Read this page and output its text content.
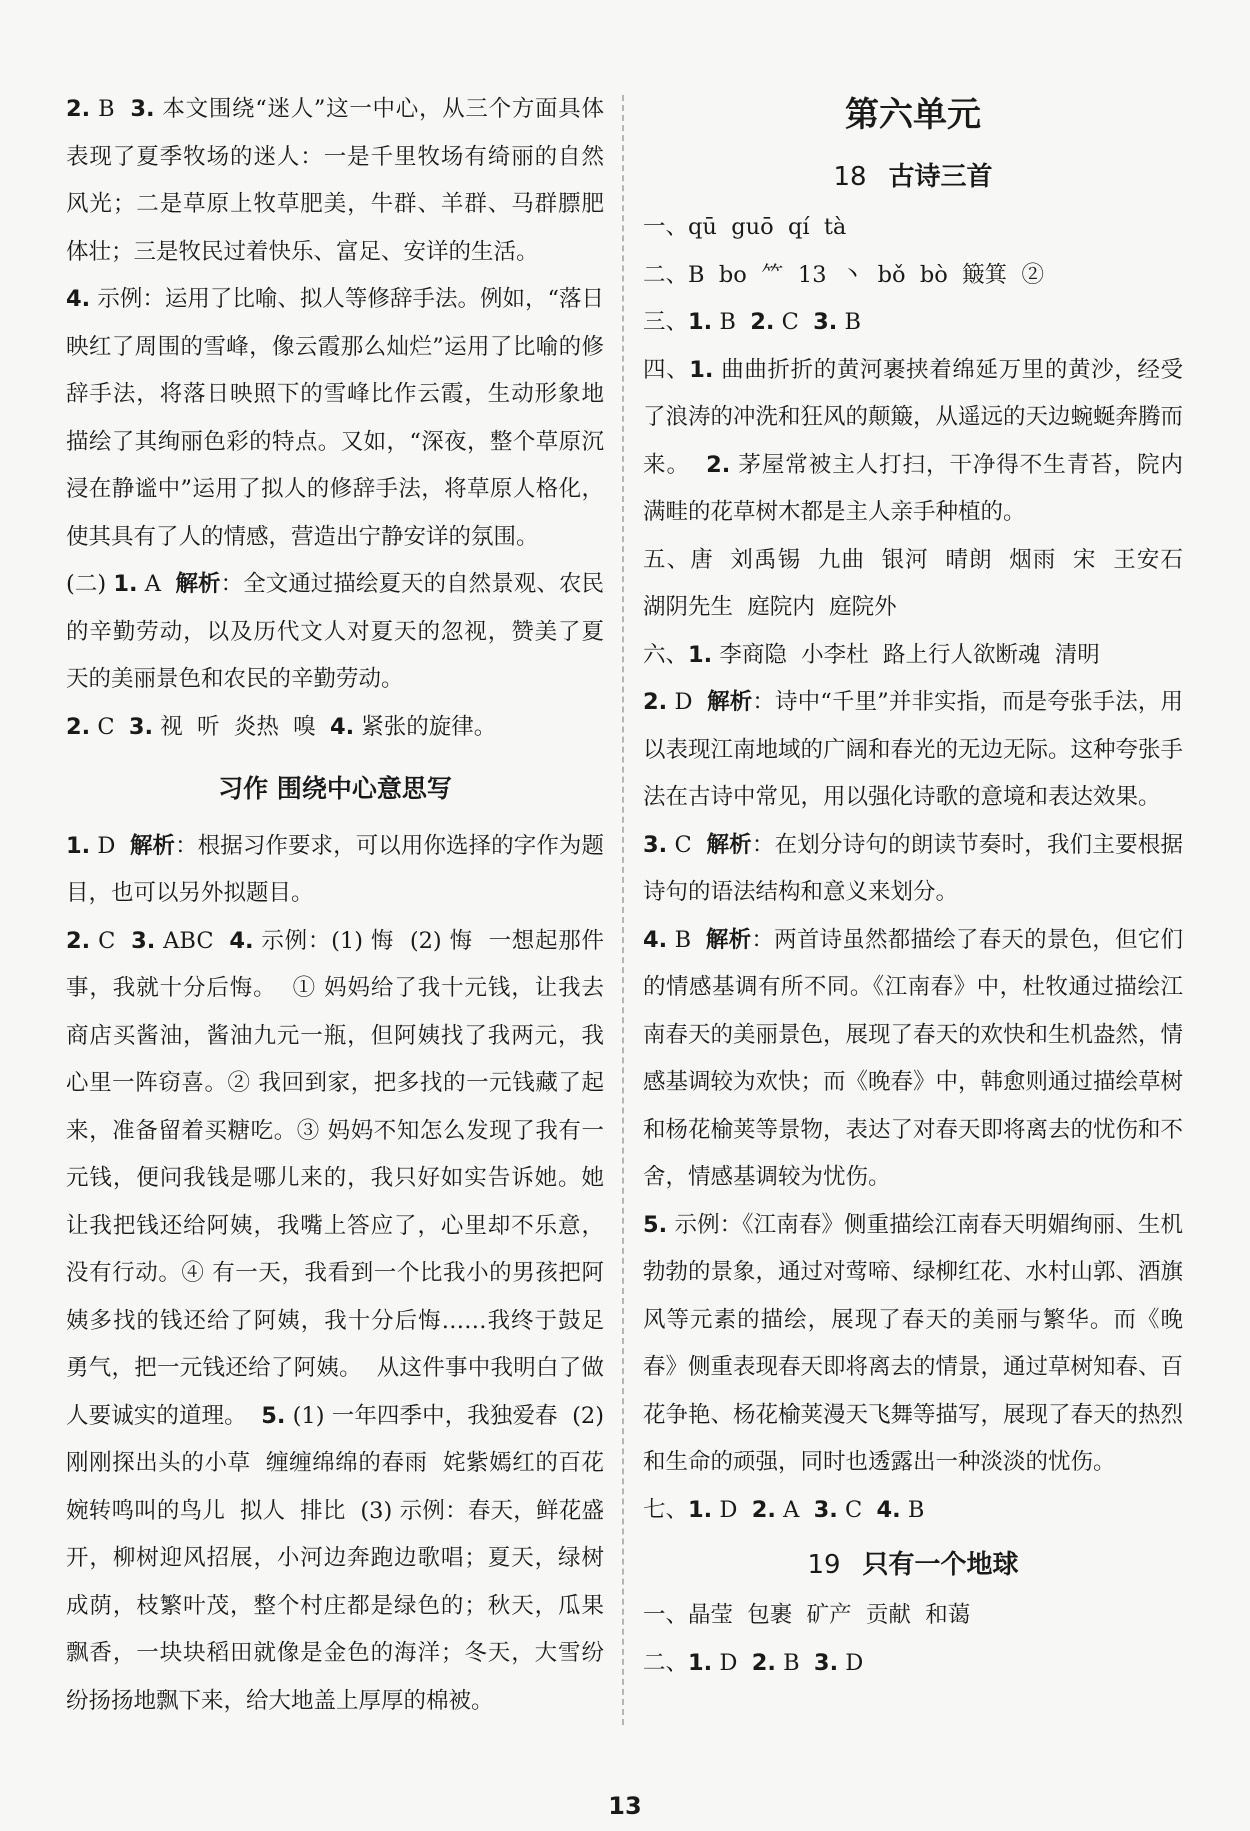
2. B  3. 本文围绕“迷人”这一中心，从三个方面具体表现了夏季牧场的迷人：一是千里牧场有绮丽的自然风光；二是草原上牧草肥美，牛群、羊群、马群膘肥体壮；三是牧民过着快乐、富足、安详的生活。

4. 示例：运用了比喻、拟人等修辞手法。例如，“落日映红了周围的雪峰，像云霞那么灿烂”运用了比喻的修辞手法，将落日映照下的雪峰比作云霞，生动形象地描绘了其绚丽色彩的特点。又如，“深夜，整个草原沉浸在静谧中”运用了拟人的修辞手法，将草原人格化，使其具有了人的情感，营造出宁静安详的氛围。

(二) 1. A  解析：全文通过描绘夏天的自然景观、农民的辛勤劳动，以及历代文人对夏天的忽视，赞美了夏天的美丽景色和农民的辛勤劳动。

2. C  3. 视  听  炎热  嗅  4. 紧张的旋律。

习作 围绕中心意思写

1. D  解析：根据习作要求，可以用你选择的字作为题目，也可以另外拟题目。

2. C  3. ABC  4. 示例：(1) 悔  (2) 悔  一想起那件事，我就十分后悔。  ① 妈妈给了我十元钱，让我去商店买酱油，酱油九元一瓶，但阿姨找了我两元，我心里一阵窃喜。② 我回到家，把多找的一元钱藏了起来，准备留着买糖吃。③ 妈妈不知怎么发现了我有一元钱，便问我钱是哪儿来的，我只好如实告诉她。她让我把钱还给阿姨，我嘴上答应了，心里却不乐意，没有行动。④ 有一天，我看到一个比我小的男孩把阿姨多找的钱还给了阿姨，我十分后悔……我终于鼓足勇气，把一元钱还给了阿姨。  从这件事中我明白了做人要诚实的道理。  5. (1) 一年四季中，我独爱春  (2) 刚刚探出头的小草  缠缠绵绵的春雨  姹紫嫣红的百花  婉转鸣叫的鸟儿  拟人  排比  (3) 示例：春天，鲜花盛开，柳树迎风招展，小河边奔跑边歌唱；夏天，绿树成荫，枝繁叶茂，整个村庄都是绿色的；秋天，瓜果飘香，一块块稻田就像是金色的海洋；冬天，大雪纷纷扬扬地飘下来，给大地盖上厚厚的棉被。

第六单元

18 古诗三首

一、qū  guō  qí  tà

二、B  bo  ⺮  13  丶  bǒ  bò  簸箕  ②

三、1. B  2. C  3. B

四、1. 曲曲折折的黄河裹挟着绵延万里的黄沙，经受了浪涛的冲洗和狂风的颠簸，从遥远的天边蜿蜒奔腾而来。  2. 茅屋常被主人打扫，干净得不生青苔，院内满畦的花草树木都是主人亲手种植的。

五、唐  刘禹锡  九曲  银河  晴朗  烟雨  宋  王安石  湖阴先生  庭院内  庭院外

六、1. 李商隐  小李杜  路上行人欲断魂  清明

2. D  解析：诗中“千里”并非实指，而是夸张手法，用以表现江南地域的广阔和春光的无边无际。这种夸张手法在古诗中常见，用以强化诗歌的意境和表达效果。

3. C  解析：在划分诗句的朗读节奏时，我们主要根据诗句的语法结构和意义来划分。

4. B  解析：两首诗虽然都描绘了春天的景色，但它们的情感基调有所不同。《江南春》中，杜牧通过描绘江南春天的美丽景色，展现了春天的欢快和生机盎然，情感基调较为欢快；而《晚春》中，韩愈则通过描绘草树和杨花榆荚等景物，表达了对春天即将离去的忧伤和不舍，情感基调较为忧伤。

5. 示例：《江南春》侧重描绘江南春天明媚绚丽、生机勃勃的景象，通过对莺啼、绿柳红花、水村山郭、酒旗风等元素的描绘，展现了春天的美丽与繁华。而《晚春》侧重表现春天即将离去的情景，通过草树知春、百花争艳、杨花榆荚漫天飞舞等描写，展现了春天的热烈和生命的顽强，同时也透露出一种淡淡的忧伤。

七、1. D  2. A  3. C  4. B

19 只有一个地球

一、晶莹  包裹  矿产  贡献  和蔼

二、1. D  2. B  3. D

13
